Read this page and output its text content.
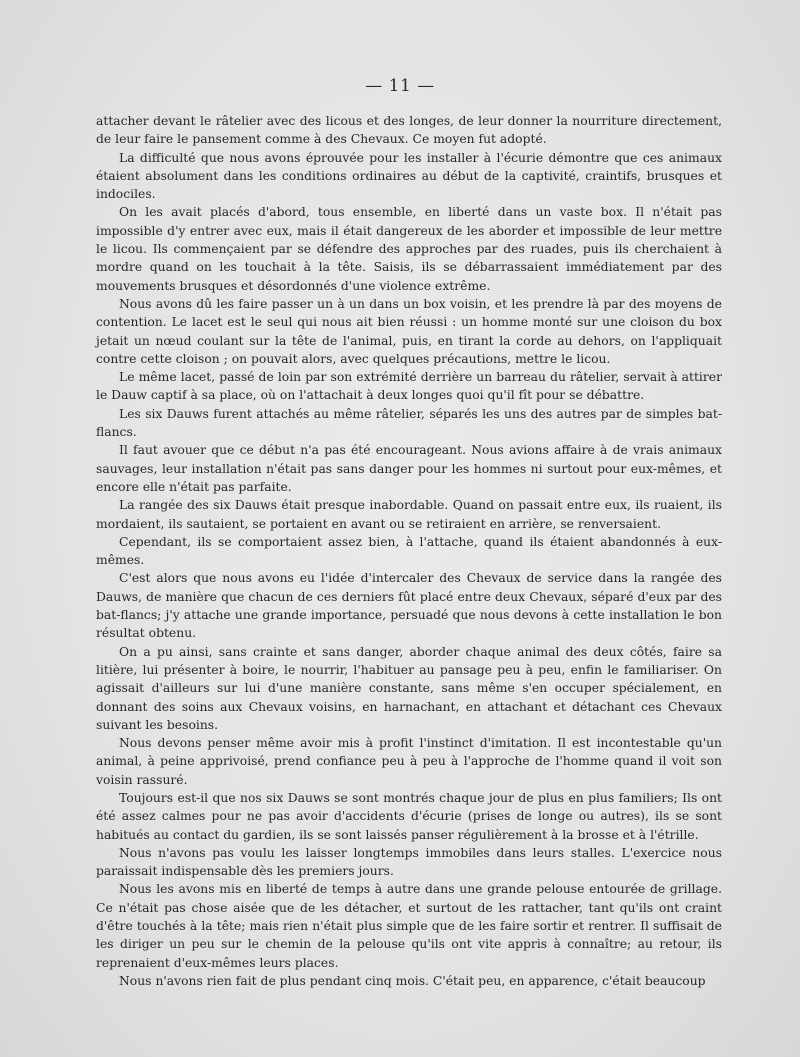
— 11 —

attacher devant le râtelier avec des licous et des longes, de leur donner la nourriture directement, de leur faire le pansement comme à des Chevaux. Ce moyen fut adopté.

La difficulté que nous avons éprouvée pour les installer à l'écurie démontre que ces animaux étaient absolument dans les conditions ordinaires au début de la captivité, craintifs, brusques et indociles.

On les avait placés d'abord, tous ensemble, en liberté dans un vaste box. Il n'était pas impossible d'y entrer avec eux, mais il était dangereux de les aborder et impossible de leur mettre le licou. Ils commençaient par se défendre des approches par des ruades, puis ils cherchaient à mordre quand on les touchait à la tête. Saisis, ils se débarrassaient immédiatement par des mouvements brusques et désordonnés d'une violence extrême.

Nous avons dû les faire passer un à un dans un box voisin, et les prendre là par des moyens de contention. Le lacet est le seul qui nous ait bien réussi : un homme monté sur une cloison du box jetait un nœud coulant sur la tête de l'animal, puis, en tirant la corde au dehors, on l'appliquait contre cette cloison ; on pouvait alors, avec quelques précautions, mettre le licou.

Le même lacet, passé de loin par son extrémité derrière un barreau du râtelier, servait à attirer le Dauw captif à sa place, où on l'attachait à deux longes quoi qu'il fît pour se débattre.

Les six Dauws furent attachés au même râtelier, séparés les uns des autres par de simples bat-flancs.

Il faut avouer que ce début n'a pas été encourageant. Nous avions affaire à de vrais animaux sauvages, leur installation n'était pas sans danger pour les hommes ni surtout pour eux-mêmes, et encore elle n'était pas parfaite.

La rangée des six Dauws était presque inabordable. Quand on passait entre eux, ils ruaient, ils mordaient, ils sautaient, se portaient en avant ou se retiraient en arrière, se renversaient.

Cependant, ils se comportaient assez bien, à l'attache, quand ils étaient abandonnés à eux-mêmes.

C'est alors que nous avons eu l'idée d'intercaler des Chevaux de service dans la rangée des Dauws, de manière que chacun de ces derniers fût placé entre deux Chevaux, séparé d'eux par des bat-flancs; j'y attache une grande importance, persuadé que nous devons à cette installation le bon résultat obtenu.

On a pu ainsi, sans crainte et sans danger, aborder chaque animal des deux côtés, faire sa litière, lui présenter à boire, le nourrir, l'habituer au pansage peu à peu, enfin le familiariser. On agissait d'ailleurs sur lui d'une manière constante, sans même s'en occuper spécialement, en donnant des soins aux Chevaux voisins, en harnachant, en attachant et détachant ces Chevaux suivant les besoins.

Nous devons penser même avoir mis à profit l'instinct d'imitation. Il est incontestable qu'un animal, à peine apprivoisé, prend confiance peu à peu à l'approche de l'homme quand il voit son voisin rassuré.

Toujours est-il que nos six Dauws se sont montrés chaque jour de plus en plus familiers; Ils ont été assez calmes pour ne pas avoir d'accidents d'écurie (prises de longe ou autres), ils se sont habitués au contact du gardien, ils se sont laissés panser régulièrement à la brosse et à l'étrille.

Nous n'avons pas voulu les laisser longtemps immobiles dans leurs stalles. L'exercice nous paraissait indispensable dès les premiers jours.

Nous les avons mis en liberté de temps à autre dans une grande pelouse entourée de grillage. Ce n'était pas chose aisée que de les détacher, et surtout de les rattacher, tant qu'ils ont craint d'être touchés à la tête; mais rien n'était plus simple que de les faire sortir et rentrer. Il suffisait de les diriger un peu sur le chemin de la pelouse qu'ils ont vite appris à connaître; au retour, ils reprenaient d'eux-mêmes leurs places.

Nous n'avons rien fait de plus pendant cinq mois. C'était peu, en apparence, c'était beaucoup
